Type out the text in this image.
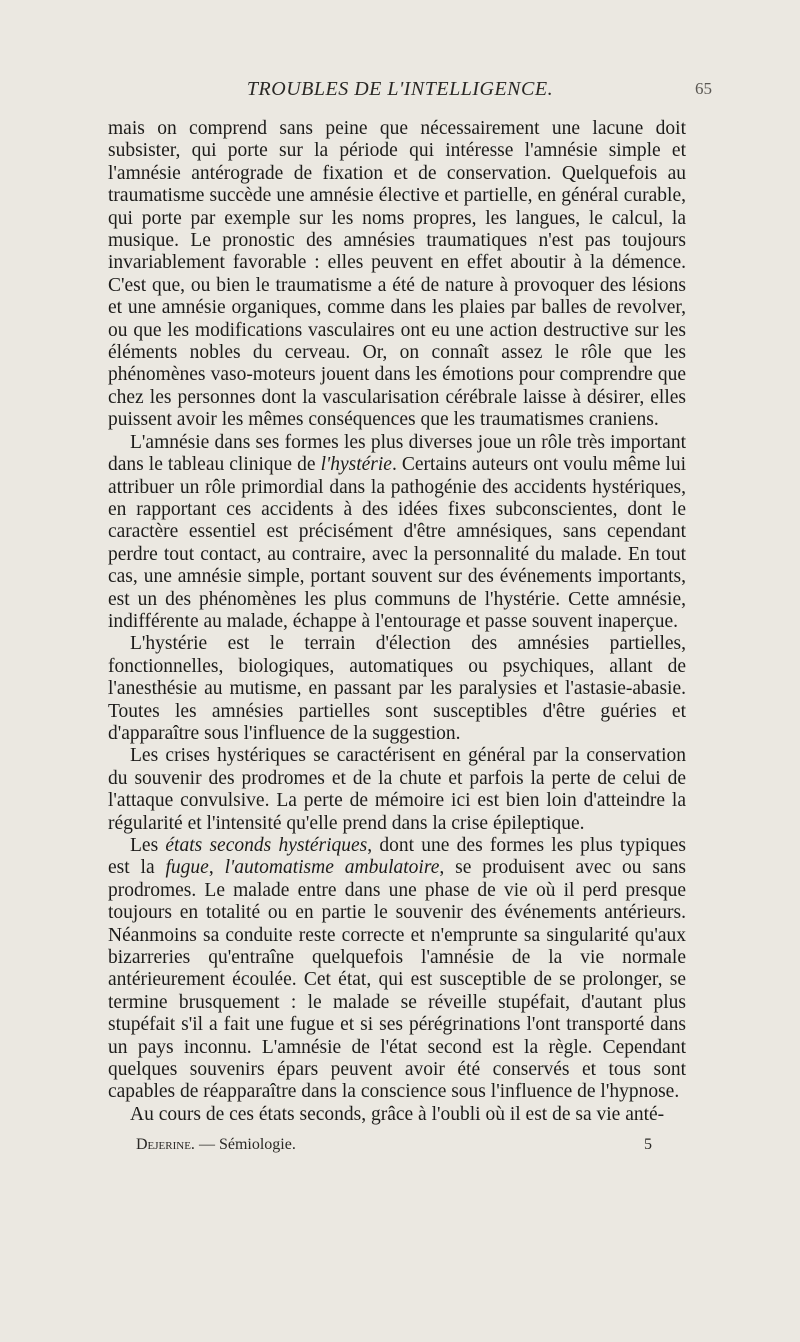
TROUBLES DE L'INTELLIGENCE.	65

mais on comprend sans peine que nécessairement une lacune doit subsister, qui porte sur la période qui intéresse l'amnésie simple et l'amnésie antérograde de fixation et de conservation. Quelquefois au traumatisme succède une amnésie élective et partielle, en général curable, qui porte par exemple sur les noms propres, les langues, le calcul, la musique. Le pronostic des amnésies traumatiques n'est pas toujours invariablement favorable : elles peuvent en effet aboutir à la démence. C'est que, ou bien le traumatisme a été de nature à provoquer des lésions et une amnésie organiques, comme dans les plaies par balles de revolver, ou que les modifications vasculaires ont eu une action destructive sur les éléments nobles du cerveau. Or, on connaît assez le rôle que les phénomènes vaso-moteurs jouent dans les émotions pour comprendre que chez les personnes dont la vascularisation cérébrale laisse à désirer, elles puissent avoir les mêmes conséquences que les traumatismes craniens.

L'amnésie dans ses formes les plus diverses joue un rôle très important dans le tableau clinique de l'hystérie. Certains auteurs ont voulu même lui attribuer un rôle primordial dans la pathogénie des accidents hystériques, en rapportant ces accidents à des idées fixes subconscientes, dont le caractère essentiel est précisément d'être amnésiques, sans cependant perdre tout contact, au contraire, avec la personnalité du malade. En tout cas, une amnésie simple, portant souvent sur des événements importants, est un des phénomènes les plus communs de l'hystérie. Cette amnésie, indifférente au malade, échappe à l'entourage et passe souvent inaperçue.

L'hystérie est le terrain d'élection des amnésies partielles, fonctionnelles, biologiques, automatiques ou psychiques, allant de l'anesthésie au mutisme, en passant par les paralysies et l'astasie-abasie. Toutes les amnésies partielles sont susceptibles d'être guéries et d'apparaître sous l'influence de la suggestion.

Les crises hystériques se caractérisent en général par la conservation du souvenir des prodromes et de la chute et parfois la perte de celui de l'attaque convulsive. La perte de mémoire ici est bien loin d'atteindre la régularité et l'intensité qu'elle prend dans la crise épileptique.

Les états seconds hystériques, dont une des formes les plus typiques est la fugue, l'automatisme ambulatoire, se produisent avec ou sans prodromes. Le malade entre dans une phase de vie où il perd presque toujours en totalité ou en partie le souvenir des événements antérieurs. Néanmoins sa conduite reste correcte et n'emprunte sa singularité qu'aux bizarreries qu'entraîne quelquefois l'amnésie de la vie normale antérieurement écoulée. Cet état, qui est susceptible de se prolonger, se termine brusquement : le malade se réveille stupéfait, d'autant plus stupéfait s'il a fait une fugue et si ses pérégrinations l'ont transporté dans un pays inconnu. L'amnésie de l'état second est la règle. Cependant quelques souvenirs épars peuvent avoir été conservés et tous sont capables de réapparaître dans la conscience sous l'influence de l'hypnose.

Au cours de ces états seconds, grâce à l'oubli où il est de sa vie anté-

Dejerine. — Sémiologie.	5
